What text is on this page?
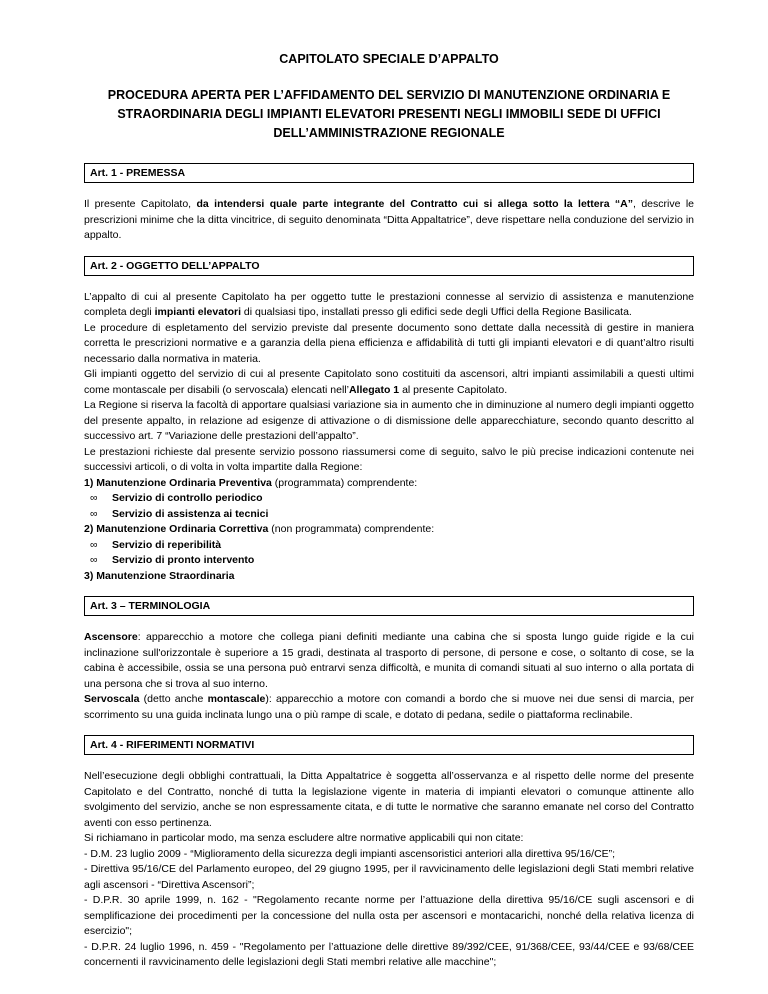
CAPITOLATO SPECIALE D’APPALTO
PROCEDURA APERTA PER L’AFFIDAMENTO DEL SERVIZIO DI MANUTENZIONE ORDINARIA E STRAORDINARIA DEGLI IMPIANTI ELEVATORI PRESENTI NEGLI IMMOBILI SEDE DI UFFICI DELL’AMMINISTRAZIONE REGIONALE
Art. 1 - PREMESSA
Il presente Capitolato, da intendersi quale parte integrante del Contratto cui si allega sotto la lettera “A”, descrive le prescrizioni minime che la ditta vincitrice, di seguito denominata “Ditta Appaltatrice”, deve rispettare nella conduzione del servizio in appalto.
Art. 2 - OGGETTO DELL’APPALTO
L’appalto di cui al presente Capitolato ha per oggetto tutte le prestazioni connesse al servizio di assistenza e manutenzione completa degli impianti elevatori di qualsiasi tipo, installati presso gli edifici sede degli Uffici della Regione Basilicata.
Le procedure di espletamento del servizio previste dal presente documento sono dettate dalla necessità di gestire in maniera corretta le prescrizioni normative e a garanzia della piena efficienza e affidabilità di tutti gli impianti elevatori e di quant’altro risulti necessario dalla normativa in materia.
Gli impianti oggetto del servizio di cui al presente Capitolato sono costituiti da ascensori, altri impianti assimilabili a questi ultimi come montascale per disabili (o servoscala) elencati nell’Allegato 1 al presente Capitolato.
La Regione si riserva la facoltà di apportare qualsiasi variazione sia in aumento che in diminuzione al numero degli impianti oggetto del presente appalto, in relazione ad esigenze di attivazione o di dismissione delle apparecchiature, secondo quanto descritto al successivo art. 7 “Variazione delle prestazioni dell’appalto”.
Le prestazioni richieste dal presente servizio possono riassumersi come di seguito, salvo le più precise indicazioni contenute nei successivi articoli, o di volta in volta impartite dalla Regione:
1) Manutenzione Ordinaria Preventiva (programmata) comprendente:
∞ Servizio di controllo periodico
∞ Servizio di assistenza ai tecnici
2) Manutenzione Ordinaria Correttiva (non programmata) comprendente:
∞ Servizio di reperibilità
∞ Servizio di pronto intervento
3) Manutenzione Straordinaria
Art. 3 – TERMINOLOGIA
Ascensore: apparecchio a motore che collega piani definiti mediante una cabina che si sposta lungo guide rigide e la cui inclinazione sull'orizzontale è superiore a 15 gradi, destinata al trasporto di persone, di persone e cose, o soltanto di cose, se la cabina è accessibile, ossia se una persona può entrarvi senza difficoltà, e munita di comandi situati al suo interno o alla portata di una persona che si trova al suo interno.
Servoscala (detto anche montascale): apparecchio a motore con comandi a bordo che si muove nei due sensi di marcia, per scorrimento su una guida inclinata lungo una o più rampe di scale, e dotato di pedana, sedile o piattaforma reclinabile.
Art. 4 - RIFERIMENTI NORMATIVI
Nell’esecuzione degli obblighi contrattuali, la Ditta Appaltatrice è soggetta all’osservanza e al rispetto delle norme del presente Capitolato e del Contratto, nonché di tutta la legislazione vigente in materia di impianti elevatori o comunque attinente allo svolgimento del servizio, anche se non espressamente citata, e di tutte le normative che saranno emanate nel corso del Contratto aventi con esso pertinenza.
Si richiamano in particolar modo, ma senza escludere altre normative applicabili qui non citate:
- D.M. 23 luglio 2009 - “Miglioramento della sicurezza degli impianti ascensoristici anteriori alla direttiva 95/16/CE”;
- Direttiva 95/16/CE del Parlamento europeo, del 29 giugno 1995, per il ravvicinamento delle legislazioni degli Stati membri relative agli ascensori - “Direttiva Ascensori”;
- D.P.R. 30 aprile 1999, n. 162 - "Regolamento recante norme per l’attuazione della direttiva 95/16/CE sugli ascensori e di semplificazione dei procedimenti per la concessione del nulla osta per ascensori e montacarichi, nonché della relativa licenza di esercizio";
- D.P.R. 24 luglio 1996, n. 459 - "Regolamento per l’attuazione delle direttive 89/392/CEE, 91/368/CEE, 93/44/CEE e 93/68/CEE concernenti il ravvicinamento delle legislazioni degli Stati membri relative alle macchine";
